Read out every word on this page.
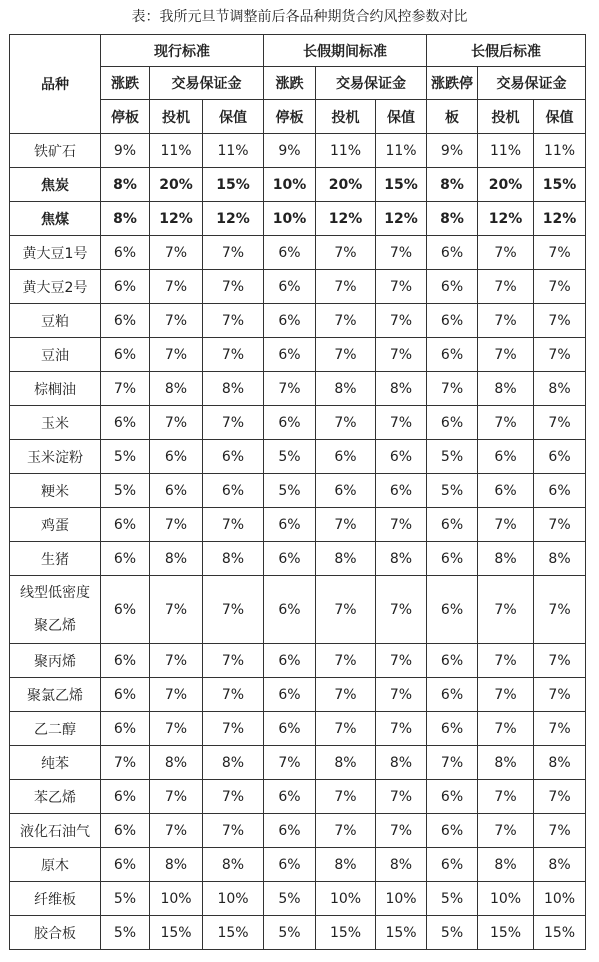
表：我所元旦节调整前后各品种期货合约风控参数对比
品种	现行标准			长假期间标准			长假后标准		
	涨跌	交易保证金		涨跌	交易保证金		涨跌停	交易保证金	
	停板	投机	保值	停板	投机	保值	板	投机	保值
铁矿石	9%	11%	11%	9%	11%	11%	9%	11%	11%
焦炭	8%	20%	15%	10%	20%	15%	8%	20%	15%
焦煤	8%	12%	12%	10%	12%	12%	8%	12%	12%
黄大豆1号	6%	7%	7%	6%	7%	7%	6%	7%	7%
黄大豆2号	6%	7%	7%	6%	7%	7%	6%	7%	7%
豆粕	6%	7%	7%	6%	7%	7%	6%	7%	7%
豆油	6%	7%	7%	6%	7%	7%	6%	7%	7%
棕榈油	7%	8%	8%	7%	8%	8%	7%	8%	8%
玉米	6%	7%	7%	6%	7%	7%	6%	7%	7%
玉米淀粉	5%	6%	6%	5%	6%	6%	5%	6%	6%
粳米	5%	6%	6%	5%	6%	6%	5%	6%	6%
鸡蛋	6%	7%	7%	6%	7%	7%	6%	7%	7%
生猪	6%	8%	8%	6%	8%	8%	6%	8%	8%

线型低密度
聚乙烯	6%	7%	7%	6%	7%	7%	6%	7%	7%
聚丙烯	6%	7%	7%	6%	7%	7%	6%	7%	7%
聚氯乙烯	6%	7%	7%	6%	7%	7%	6%	7%	7%
乙二醇	6%	7%	7%	6%	7%	7%	6%	7%	7%
纯苯	7%	8%	8%	7%	8%	8%	7%	8%	8%
苯乙烯	6%	7%	7%	6%	7%	7%	6%	7%	7%
液化石油气	6%	7%	7%	6%	7%	7%	6%	7%	7%
原木	6%	8%	8%	6%	8%	8%	6%	8%	8%
纤维板	5%	10%	10%	5%	10%	10%	5%	10%	10%
胶合板	5%	15%	15%	5%	15%	15%	5%	15%	15%
